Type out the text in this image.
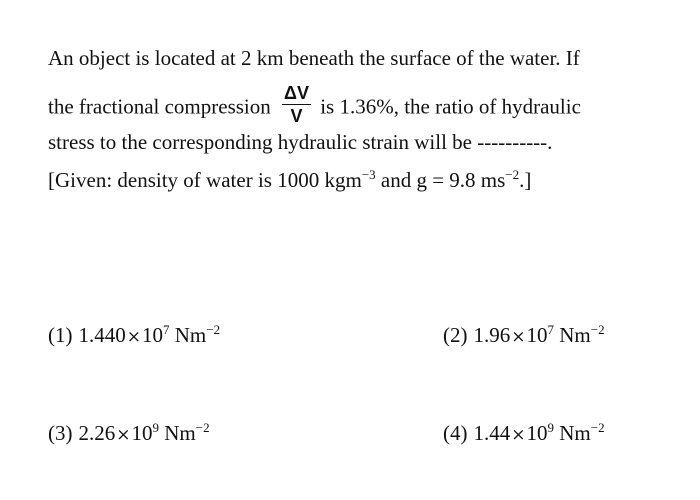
An object is located at 2 km beneath the surface of the water. If
the fractional compression $\frac{\Delta V}{V}$ is 1.36%, the ratio of hydraulic
stress to the corresponding hydraulic strain will be ----------.
[Given: density of water is 1000 kgm$^{-3}$ and g = 9.8 $ms^{-2}$.]
(1) $1.440\times 10^7$ $Nm^{-2}$	(2) $1.96\times 10^7$ $Nm^{-2}$
(3) $2.26\times 10^9$ $Nm^{-2}$	(4) $1.44\times 10^9$ $Nm^{-2}$
